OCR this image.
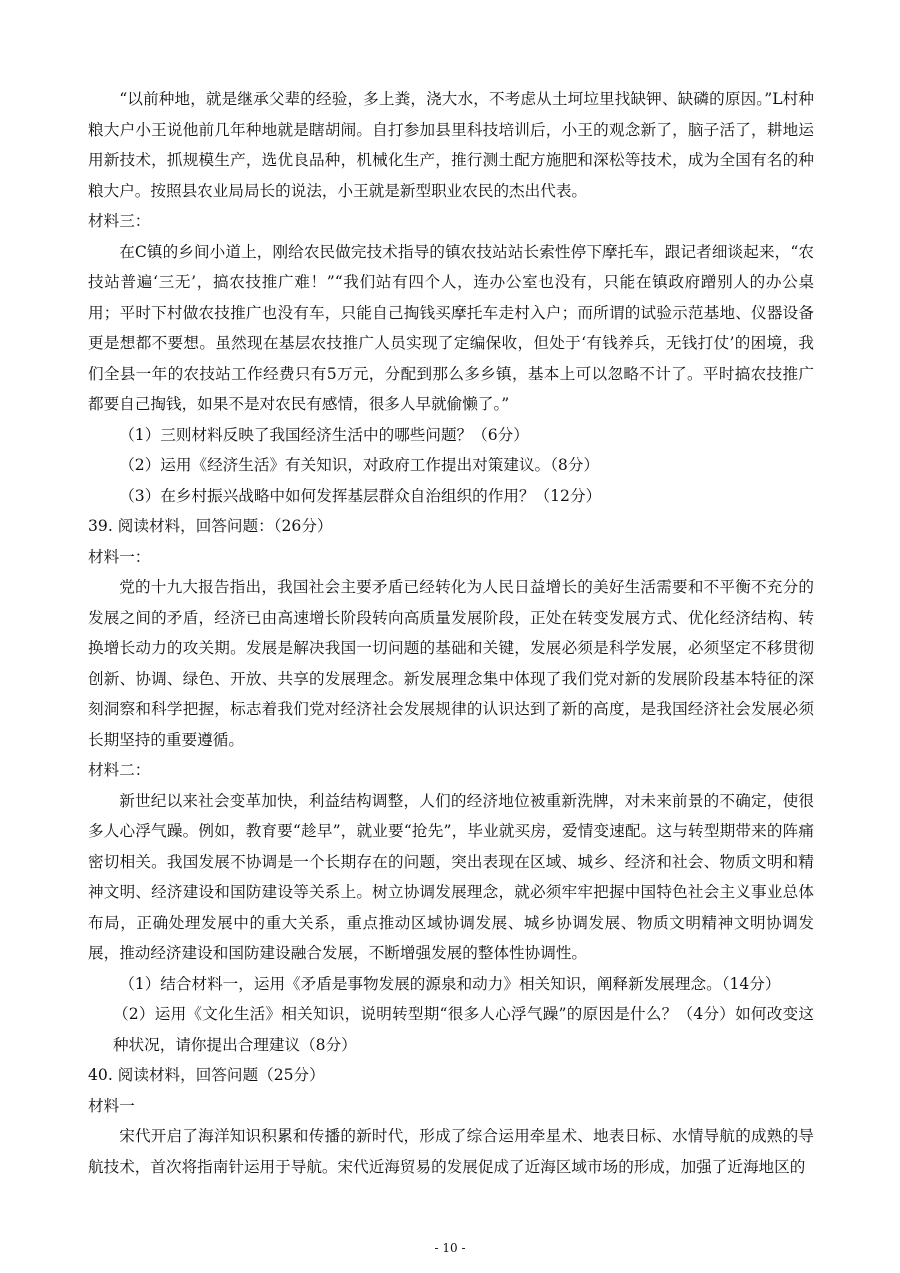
“以前种地，就是继承父辈的经验，多上粪，浇大水，不考虑从土坷垃里找缺钾、缺磷的原因。”L村种粮大户小王说他前几年种地就是瞎胡闹。自打参加县里科技培训后，小王的观念新了，脑子活了，耕地运用新技术，抓规模生产，选优良品种，机械化生产，推行测土配方施肥和深松等技术，成为全国有名的种粮大户。按照县农业局局长的说法，小王就是新型职业农民的杰出代表。

材料三：

在C镇的乡间小道上，刚给农民做完技术指导的镇农技站站长索性停下摩托车，跟记者细谈起来，“农技站普遍‘三无’，搞农技推广难！”“我们站有四个人，连办公室也没有，只能在镇政府蹭别人的办公桌用；平时下村做农技推广也没有车，只能自己掏钱买摩托车走村入户；而所谓的试验示范基地、仪器设备更是想都不要想。虽然现在基层农技推广人员实现了定编保收，但处于‘有钱养兵，无钱打仗’的困境，我们全县一年的农技站工作经费只有5万元，分配到那么多乡镇，基本上可以忽略不计了。平时搞农技推广都要自己掏钱，如果不是对农民有感情，很多人早就偷懒了。”

（1）三则材料反映了我国经济生活中的哪些问题？（6分）

（2）运用《经济生活》有关知识，对政府工作提出对策建议。（8分）

（3）在乡村振兴战略中如何发挥基层群众自治组织的作用？（12分）

39. 阅读材料，回答问题：（26分）

材料一：

党的十九大报告指出，我国社会主要矛盾已经转化为人民日益增长的美好生活需要和不平衡不充分的发展之间的矛盾，经济已由高速增长阶段转向高质量发展阶段，正处在转变发展方式、优化经济结构、转换增长动力的攻关期。发展是解决我国一切问题的基础和关键，发展必须是科学发展，必须坚定不移贯彻创新、协调、绿色、开放、共享的发展理念。新发展理念集中体现了我们党对新的发展阶段基本特征的深刻洞察和科学把握，标志着我们党对经济社会发展规律的认识达到了新的高度，是我国经济社会发展必须长期坚持的重要遵循。

材料二：

新世纪以来社会变革加快，利益结构调整，人们的经济地位被重新洗牌，对未来前景的不确定，使很多人心浮气躁。例如，教育要“趁早”，就业要“抢先”，毕业就买房，爱情变速配。这与转型期带来的阵痛密切相关。我国发展不协调是一个长期存在的问题，突出表现在区域、城乡、经济和社会、物质文明和精神文明、经济建设和国防建设等关系上。树立协调发展理念，就必须牢牢把握中国特色社会主义事业总体布局，正确处理发展中的重大关系，重点推动区域协调发展、城乡协调发展、物质文明精神文明协调发展，推动经济建设和国防建设融合发展，不断增强发展的整体性协调性。

（1）结合材料一，运用《矛盾是事物发展的源泉和动力》相关知识，阐释新发展理念。（14分）

（2）运用《文化生活》相关知识，说明转型期“很多人心浮气躁”的原因是什么？（4分）如何改变这种状况，请你提出合理建议（8分）

40. 阅读材料，回答问题（25分）

材料一

宋代开启了海洋知识积累和传播的新时代，形成了综合运用牵星术、地表日标、水情导航的成熟的导航技术，首次将指南针运用于导航。宋代近海贸易的发展促成了近海区域市场的形成，加强了近海地区的

- 10 -
